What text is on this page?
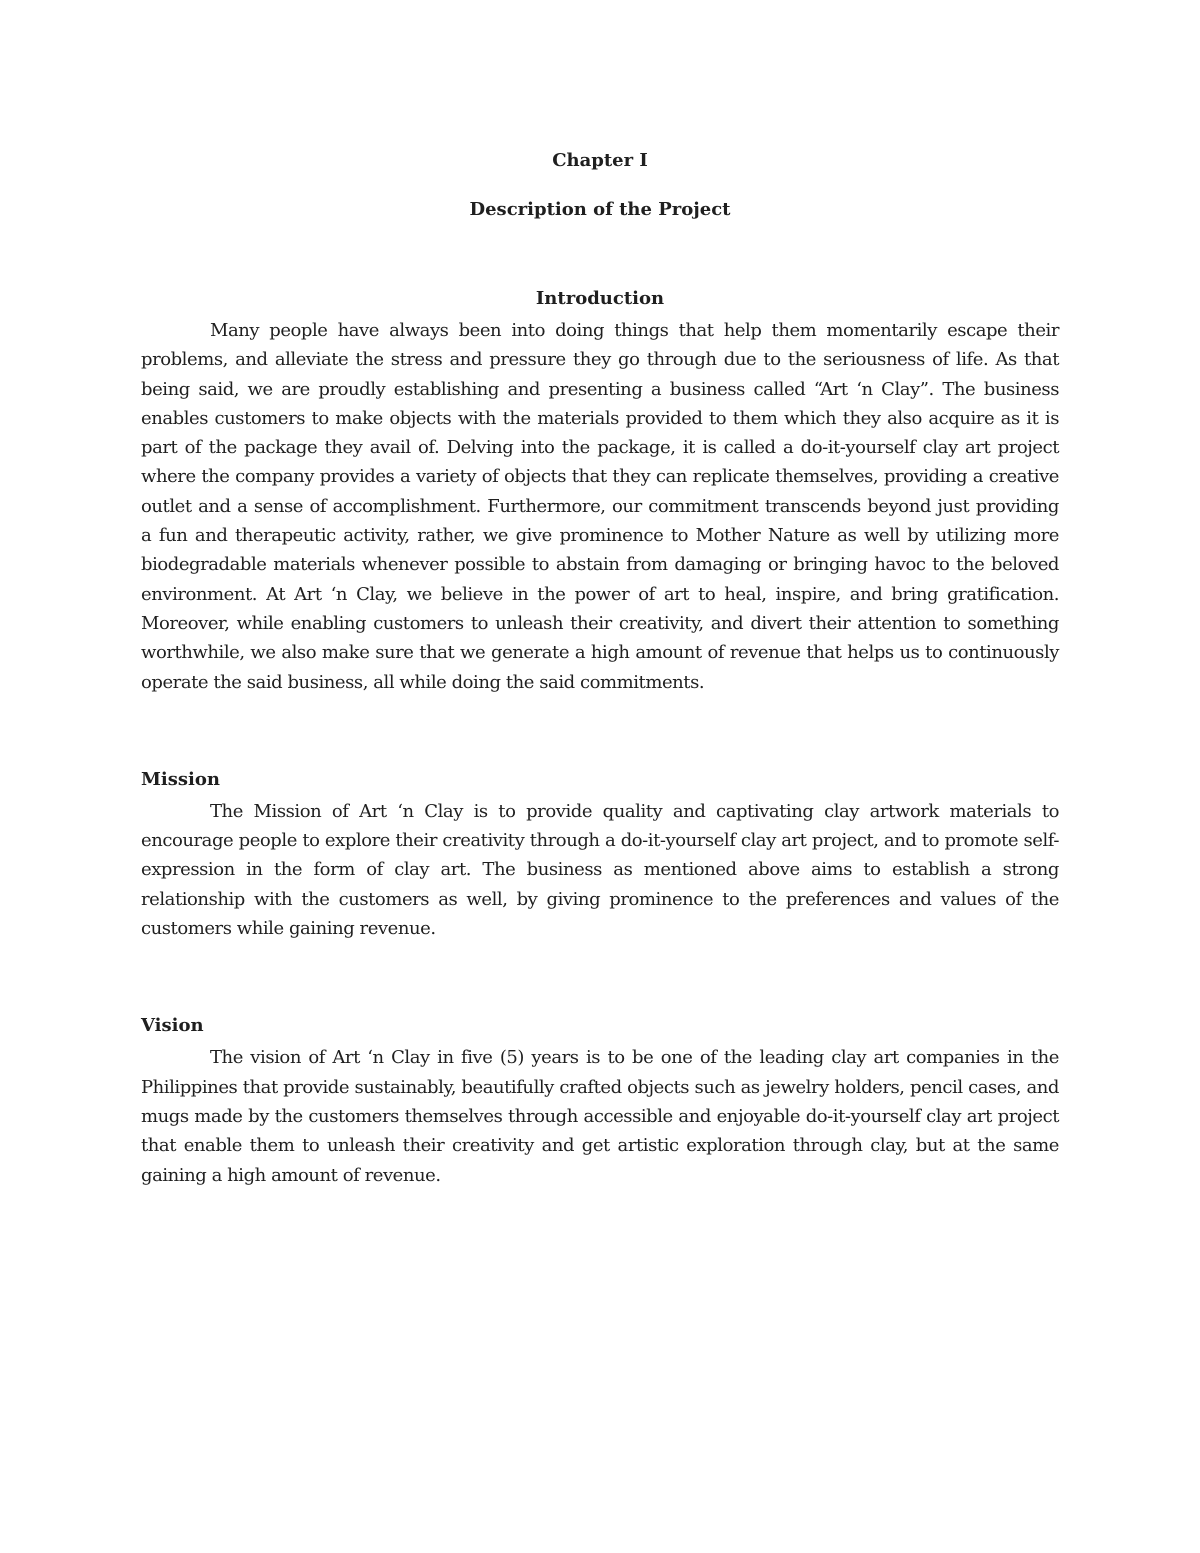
Chapter I
Description of the Project
Introduction

Many people have always been into doing things that help them momentarily escape their problems, and alleviate the stress and pressure they go through due to the seriousness of life. As that being said, we are proudly establishing and presenting a business called “Art ‘n Clay”. The business enables customers to make objects with the materials provided to them which they also acquire as it is part of the package they avail of. Delving into the package, it is called a do-it-yourself clay art project where the company provides a variety of objects that they can replicate themselves, providing a creative outlet and a sense of accomplishment. Furthermore, our commitment transcends beyond just providing a fun and therapeutic activity, rather, we give prominence to Mother Nature as well by utilizing more biodegradable materials whenever possible to abstain from damaging or bringing havoc to the beloved environment. At Art ‘n Clay, we believe in the power of art to heal, inspire, and bring gratification. Moreover, while enabling customers to unleash their creativity, and divert their attention to something worthwhile, we also make sure that we generate a high amount of revenue that helps us to continuously operate the said business, all while doing the said commitments.

Mission

The Mission of Art ‘n Clay is to provide quality and captivating clay artwork materials to encourage people to explore their creativity through a do-it-yourself clay art project, and to promote self-expression in the form of clay art. The business as mentioned above aims to establish a strong relationship with the customers as well, by giving prominence to the preferences and values of the customers while gaining revenue.

Vision

The vision of Art ‘n Clay in five (5) years is to be one of the leading clay art companies in the Philippines that provide sustainably, beautifully crafted objects such as jewelry holders, pencil cases, and mugs made by the customers themselves through accessible and enjoyable do-it-yourself clay art project that enable them to unleash their creativity and get artistic exploration through clay, but at the same gaining a high amount of revenue.
